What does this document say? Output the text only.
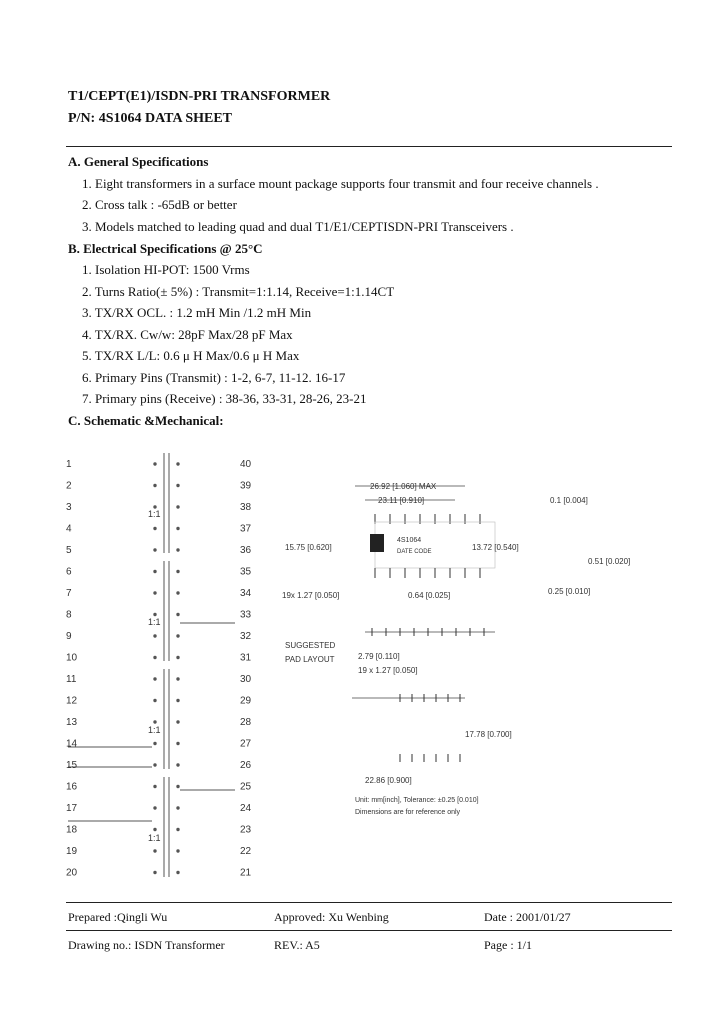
T1/CEPT(E1)/ISDN-PRI TRANSFORMER
P/N: 4S1064 DATA SHEET
A. General Specifications
1. Eight transformers in a surface mount package supports four transmit and four receive channels .
2. Cross talk : -65dB or better
3. Models matched to leading quad and dual T1/E1/CEPTISDN-PRI Transceivers .
B. Electrical Specifications @ 25°C
1. Isolation HI-POT: 1500 Vrms
2. Turns Ratio(± 5%) : Transmit=1:1.14, Receive=1:1.14CT
3. TX/RX OCL. : 1.2 mH Min /1.2 mH Min
4. TX/RX. Cw/w: 28pF Max/28 pF Max
5. TX/RX L/L: 0.6 μ H Max/0.6 μ H Max
6. Primary Pins (Transmit) : 1-2, 6-7, 11-12. 16-17
7. Primary pins (Receive) : 38-36, 33-31, 28-26, 23-21
C. Schematic &Mechanical:
1	40
2	39
3	38
4	37
5	36
6	35
7	34
8	33
9	32
10	31
11	30
12	29
13	28
14	27
15	26
16	25
17	24
18	23
19	22
20	21
1:1
1:1
1:1
1:1
26.92 [1.060] MAX
23.11 [0.910]	0.1 [0.004]
15.75 [0.620]
4S1064
DATE CODE	13.72 [0.540]
0.51 [0.020]
19x 1.27 [0.050]	0.64 [0.025]	0.25 [0.010]
SUGGESTED
PAD LAYOUT	2.79 [0.110]
19 x 1.27 [0.050]
17.78 [0.700]
22.86 [0.900]
Unit: mm[inch], Tolerance: ±0.25 [0.010]
Dimensions are for reference only
Prepared :Qingli Wu	Approved: Xu Wenbing	Date : 2001/01/27
Drawing no.: ISDN Transformer	REV.: A5	Page : 1/1
